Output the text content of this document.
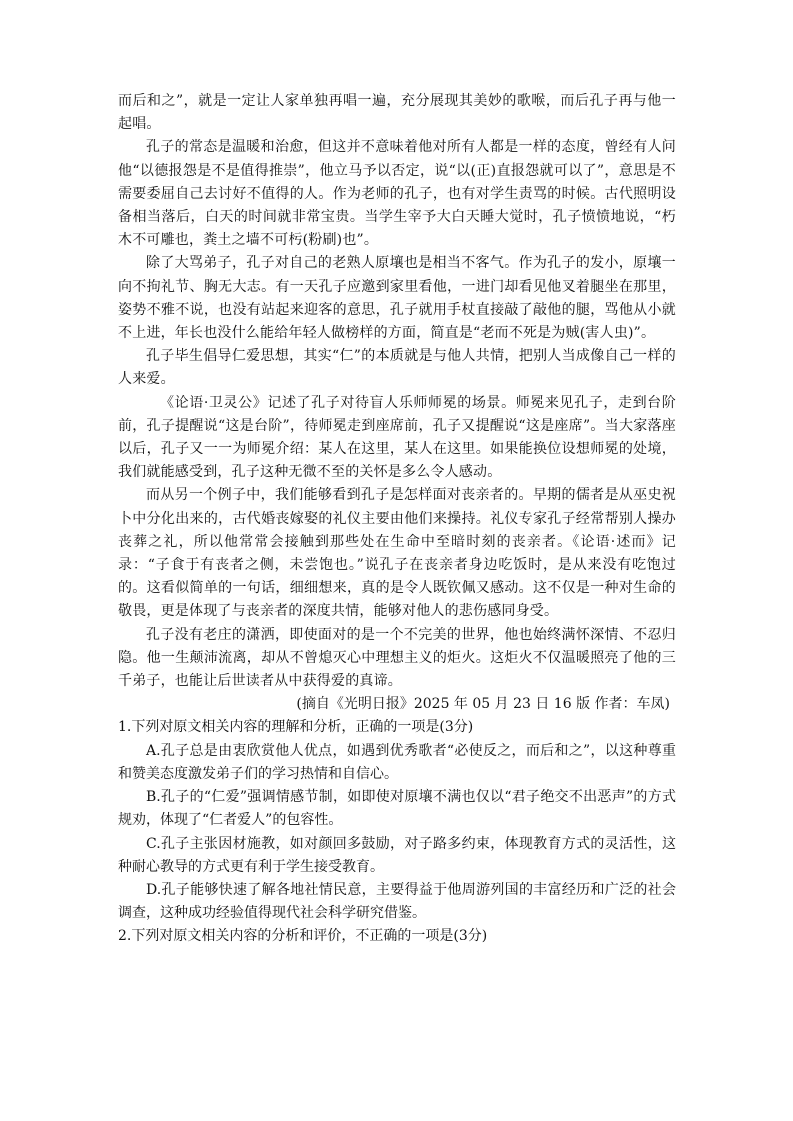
而后和之”，就是一定让人家单独再唱一遍，充分展现其美妙的歌喉，而后孔子再与他一起唱。

孔子的常态是温暖和治愈，但这并不意味着他对所有人都是一样的态度，曾经有人问他“以德报怨是不是值得推崇”，他立马予以否定，说“以(正)直报怨就可以了”，意思是不需要委屈自己去讨好不值得的人。作为老师的孔子，也有对学生责骂的时候。古代照明设备相当落后，白天的时间就非常宝贵。当学生宰予大白天睡大觉时，孔子愤愤地说，“朽木不可雕也，粪土之墙不可杇(粉刷)也”。

除了大骂弟子，孔子对自己的老熟人原壤也是相当不客气。作为孔子的发小，原壤一向不拘礼节、胸无大志。有一天孔子应邀到家里看他，一进门却看见他叉着腿坐在那里，姿势不雅不说，也没有站起来迎客的意思，孔子就用手杖直接敲了敲他的腿，骂他从小就不上进，年长也没什么能给年轻人做榜样的方面，简直是“老而不死是为贼(害人虫)”。

孔子毕生倡导仁爱思想，其实“仁”的本质就是与他人共情，把别人当成像自己一样的人来爱。

《论语·卫灵公》记述了孔子对待盲人乐师师冕的场景。师冕来见孔子，走到台阶前，孔子提醒说“这是台阶”，待师冕走到座席前，孔子又提醒说“这是座席”。当大家落座以后，孔子又一一为师冕介绍：某人在这里，某人在这里。如果能换位设想师冕的处境，我们就能感受到，孔子这种无微不至的关怀是多么令人感动。

而从另一个例子中，我们能够看到孔子是怎样面对丧亲者的。早期的儒者是从巫史祝卜中分化出来的，古代婚丧嫁娶的礼仪主要由他们来操持。礼仪专家孔子经常帮别人操办丧葬之礼，所以他常常会接触到那些处在生命中至暗时刻的丧亲者。《论语·述而》记录：“子食于有丧者之侧，未尝饱也。”说孔子在丧亲者身边吃饭时，是从来没有吃饱过的。这看似简单的一句话，细细想来，真的是令人既钦佩又感动。这不仅是一种对生命的敬畏，更是体现了与丧亲者的深度共情，能够对他人的悲伤感同身受。

孔子没有老庄的潇洒，即使面对的是一个不完美的世界，他也始终满怀深情、不忍归隐。他一生颠沛流离，却从不曾熄灭心中理想主义的炬火。这炬火不仅温暖照亮了他的三千弟子，也能让后世读者从中获得爱的真谛。

(摘自《光明日报》2025 年 05 月 23 日 16 版 作者：车凤)

1.下列对原文相关内容的理解和分析，正确的一项是(3分)

A.孔子总是由衷欣赏他人优点，如遇到优秀歌者“必使反之，而后和之”，以这种尊重和赞美态度激发弟子们的学习热情和自信心。

B.孔子的“仁爱”强调情感节制，如即使对原壤不满也仅以“君子绝交不出恶声”的方式规劝，体现了“仁者爱人”的包容性。

C.孔子主张因材施教，如对颜回多鼓励，对子路多约束，体现教育方式的灵活性，这种耐心教导的方式更有利于学生接受教育。

D.孔子能够快速了解各地社情民意，主要得益于他周游列国的丰富经历和广泛的社会调查，这种成功经验值得现代社会科学研究借鉴。

2.下列对原文相关内容的分析和评价，不正确的一项是(3分)
